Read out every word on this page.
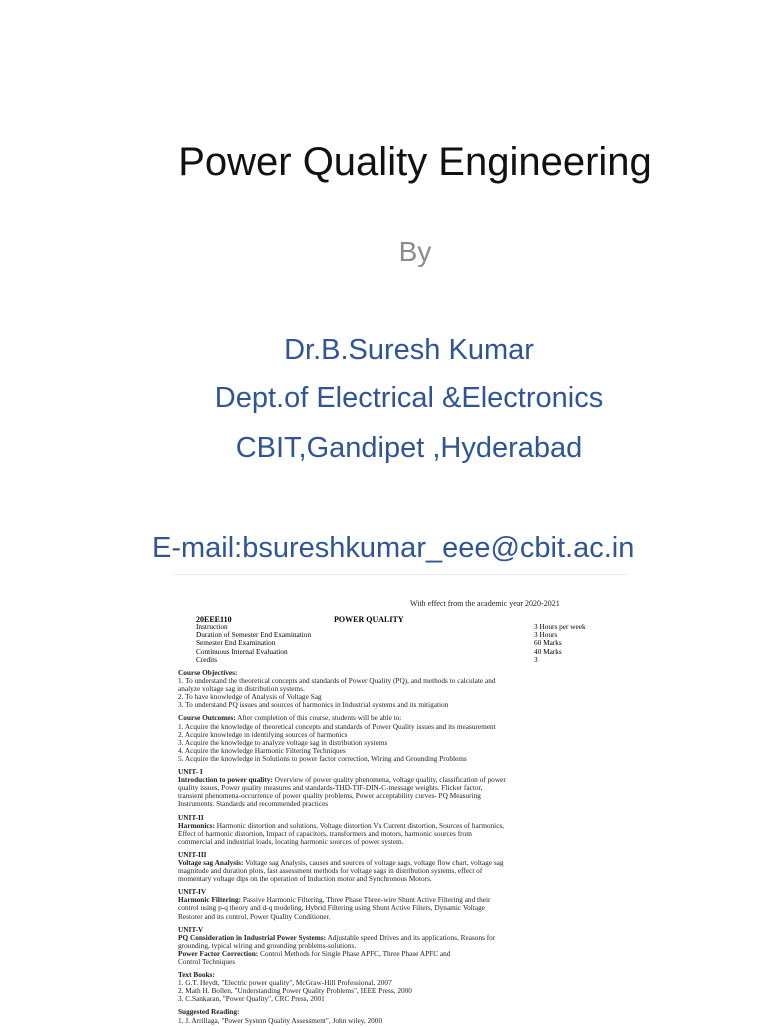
Power Quality Engineering
By
Dr.B.Suresh Kumar
Dept.of Electrical &Electronics
CBIT,Gandipet ,Hyderabad
E-mail:bsureshkumar_eee@cbit.ac.in
With effect from the academic year 2020-2021
20EEE110	POWER QUALITY
Instruction	3 Hours per week
Duration of Semester End Examination	3 Hours
Semester End Examination	60 Marks
Continuous Internal Evaluation	40 Marks
Credits	3
Course Objectives:
1. To understand the theoretical concepts and standards of Power Quality (PQ), and methods to calculate and
analyze voltage sag in distribution systems.
2. To have knowledge of Analysis of Voltage Sag
3. To understand PQ issues and sources of harmonics in Industrial systems and its mitigation
Course Outcomes: After completion of this course, students will be able to:
1. Acquire the knowledge of theoretical concepts and standards of Power Quality issues and its measurement
2. Acquire knowledge in identifying sources of harmonics
3. Acquire the knowledge to analyze voltage sag in distribution systems
4. Acquire the knowledge Harmonic Filtering Techniques
5. Acquire the knowledge in Solutions to power factor correction, Wiring and Grounding Problems
UNIT- I
Introduction to power quality: Overview of power quality phenomena, voltage quality, classification of power
quality issues, Power quality measures and standards-THD-TIF-DIN-C-message weights. Flicker factor,
transient phenomena-occurrence of power quality problems, Power acceptability curves- PQ Measuring
Instruments. Standards and recommended practices
UNIT-II
Harmonics: Harmonic distortion and solutions, Voltage distortion Vs Current distortion, Sources of harmonics,
Effect of harmonic distortion, Impact of capacitors, transformers and motors, harmonic sources from
commercial and industrial loads, locating harmonic sources of power system.
UNIT-III
Voltage sag Analysis: Voltage sag Analysis, causes and sources of voltage sags, voltage flow chart, voltage sag
magnitude and duration plots, fast assessment methods for voltage sags in distribution systems, effect of
momentary voltage dips on the operation of Induction motor and Synchronous Motors.
UNIT-IV
Harmonic Filtering: Passive Harmonic Filtering, Three Phase Three-wire Shunt Active Filtering and their
control using p-q theory and d-q modeling, Hybrid Filtering using Shunt Active Filters, Dynamic Voltage
Restorer and its control, Power Quality Conditioner.
UNIT-V
PQ Consideration in Industrial Power Systems: Adjustable speed Drives and its applications, Reasons for
grounding, typical wiring and grounding problems-solutions.
Power Factor Correction: Control Methods for Single Phase APFC, Three Phase APFC and
Control Techniques
Text Books:
1. G.T. Heydt, "Electric power quality", McGraw-Hill Professional, 2007
2. Math H. Bollen, "Understanding Power Quality Problems", IEEE Press, 2000
3. C.Sankaran, "Power Quality", CRC Press, 2001
Suggested Reading:
1. J. Arrillaga, "Power System Quality Assessment", John wiley, 2000
